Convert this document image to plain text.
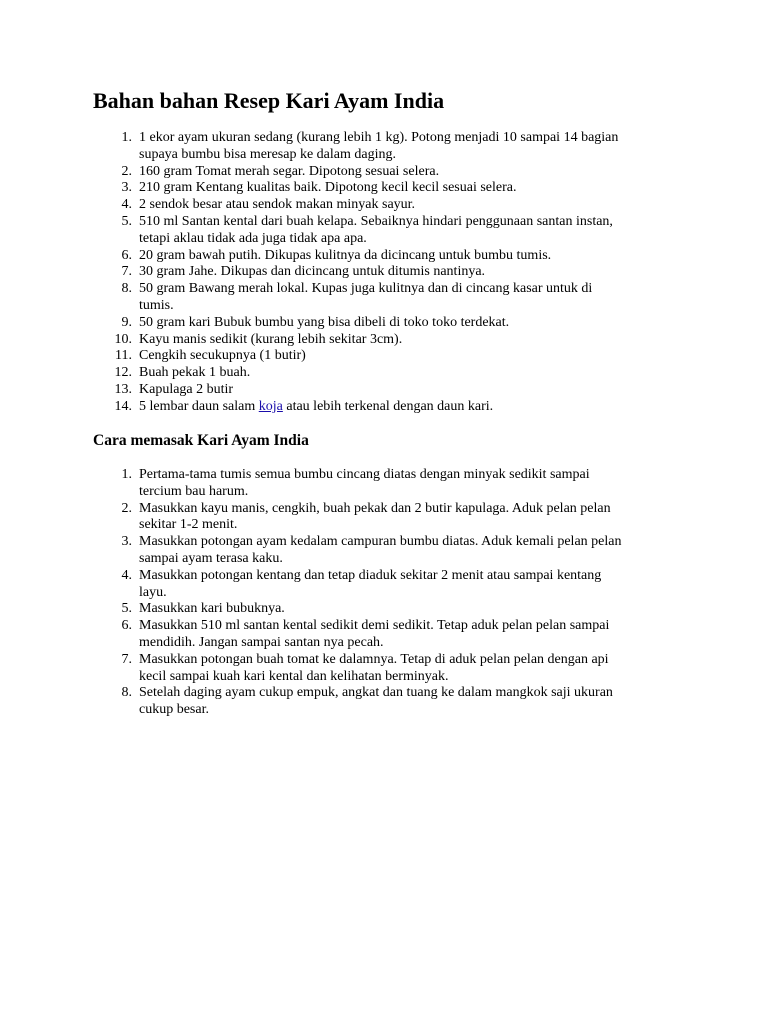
Bahan bahan Resep Kari Ayam India
1. 1 ekor ayam ukuran sedang (kurang lebih 1 kg). Potong menjadi 10 sampai 14 bagian
supaya bumbu bisa meresap ke dalam daging.
2. 160 gram Tomat merah segar. Dipotong sesuai selera.
3. 210 gram Kentang kualitas baik. Dipotong kecil kecil sesuai selera.
4. 2 sendok besar atau sendok makan minyak sayur.
5. 510 ml Santan kental dari buah kelapa. Sebaiknya hindari penggunaan santan instan,
tetapi aklau tidak ada juga tidak apa apa.
6. 20 gram bawah putih. Dikupas kulitnya da dicincang untuk bumbu tumis.
7. 30 gram Jahe. Dikupas dan dicincang untuk ditumis nantinya.
8. 50 gram Bawang merah lokal. Kupas juga kulitnya dan di cincang kasar untuk di
tumis.
9. 50 gram kari Bubuk bumbu yang bisa dibeli di toko toko terdekat.
10. Kayu manis sedikit (kurang lebih sekitar 3cm).
11. Cengkih secukupnya (1 butir)
12. Buah pekak 1 buah.
13. Kapulaga 2 butir
14. 5 lembar daun salam koja atau lebih terkenal dengan daun kari.
Cara memasak Kari Ayam India
1. Pertama-tama tumis semua bumbu cincang diatas dengan minyak sedikit sampai
tercium bau harum.
2. Masukkan kayu manis, cengkih, buah pekak dan 2 butir kapulaga. Aduk pelan pelan
sekitar 1-2 menit.
3. Masukkan potongan ayam kedalam campuran bumbu diatas. Aduk kemali pelan pelan
sampai ayam terasa kaku.
4. Masukkan potongan kentang dan tetap diaduk sekitar 2 menit atau sampai kentang
layu.
5. Masukkan kari bubuknya.
6. Masukkan 510 ml santan kental sedikit demi sedikit. Tetap aduk pelan pelan sampai
mendidih. Jangan sampai santan nya pecah.
7. Masukkan potongan buah tomat ke dalamnya. Tetap di aduk pelan pelan dengan api
kecil sampai kuah kari kental dan kelihatan berminyak.
8. Setelah daging ayam cukup empuk, angkat dan tuang ke dalam mangkok saji ukuran
cukup besar.
